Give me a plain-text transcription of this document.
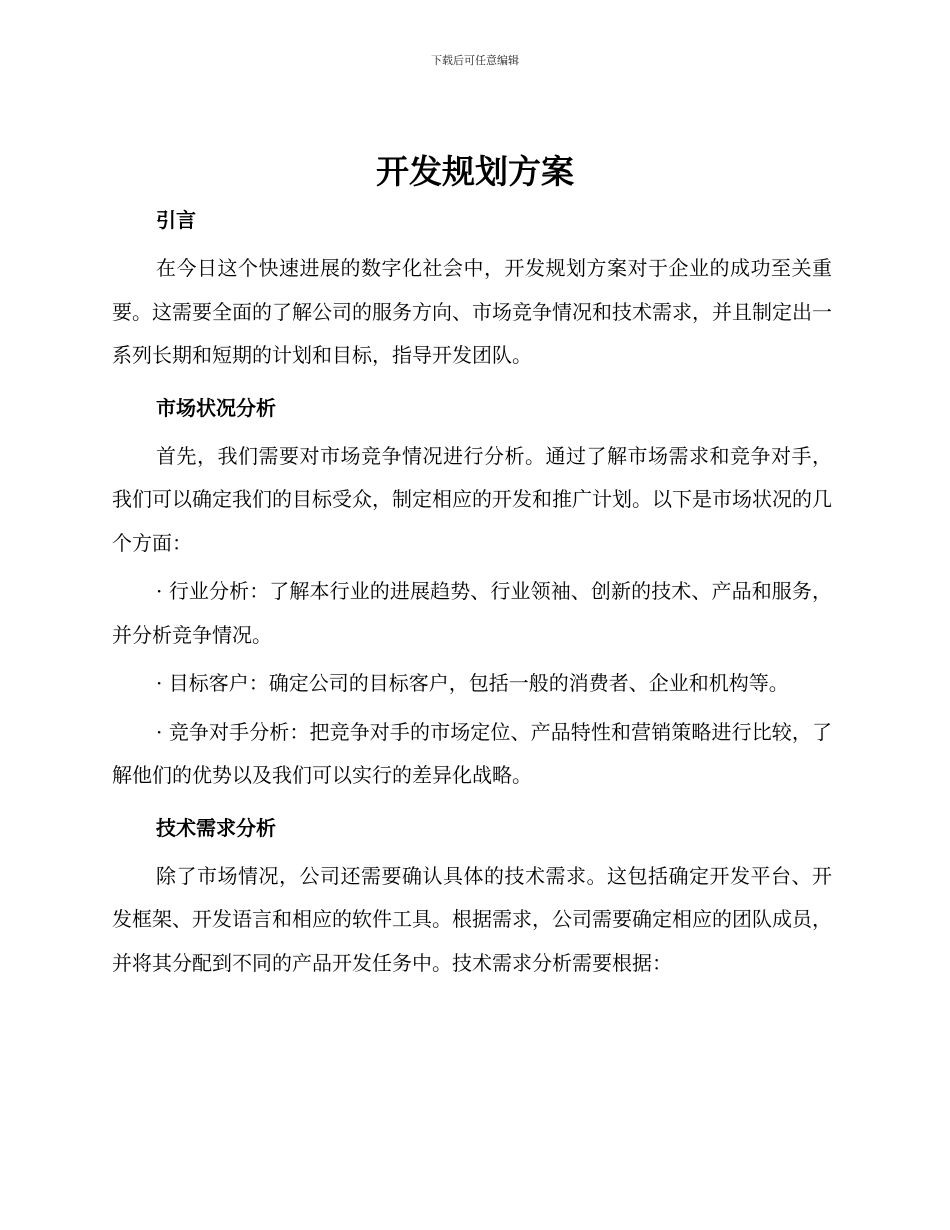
下载后可任意编辑
开发规划方案
引言

在今日这个快速进展的数字化社会中，开发规划方案对于企业的成功至关重要。这需要全面的了解公司的服务方向、市场竞争情况和技术需求，并且制定出一系列长期和短期的计划和目标，指导开发团队。

市场状况分析

首先，我们需要对市场竞争情况进行分析。通过了解市场需求和竞争对手，我们可以确定我们的目标受众，制定相应的开发和推广计划。以下是市场状况的几个方面：

· 行业分析：了解本行业的进展趋势、行业领袖、创新的技术、产品和服务，并分析竞争情况。

· 目标客户：确定公司的目标客户，包括一般的消费者、企业和机构等。

· 竞争对手分析：把竞争对手的市场定位、产品特性和营销策略进行比较，了解他们的优势以及我们可以实行的差异化战略。

技术需求分析

除了市场情况，公司还需要确认具体的技术需求。这包括确定开发平台、开发框架、开发语言和相应的软件工具。根据需求，公司需要确定相应的团队成员，并将其分配到不同的产品开发任务中。技术需求分析需要根据：
